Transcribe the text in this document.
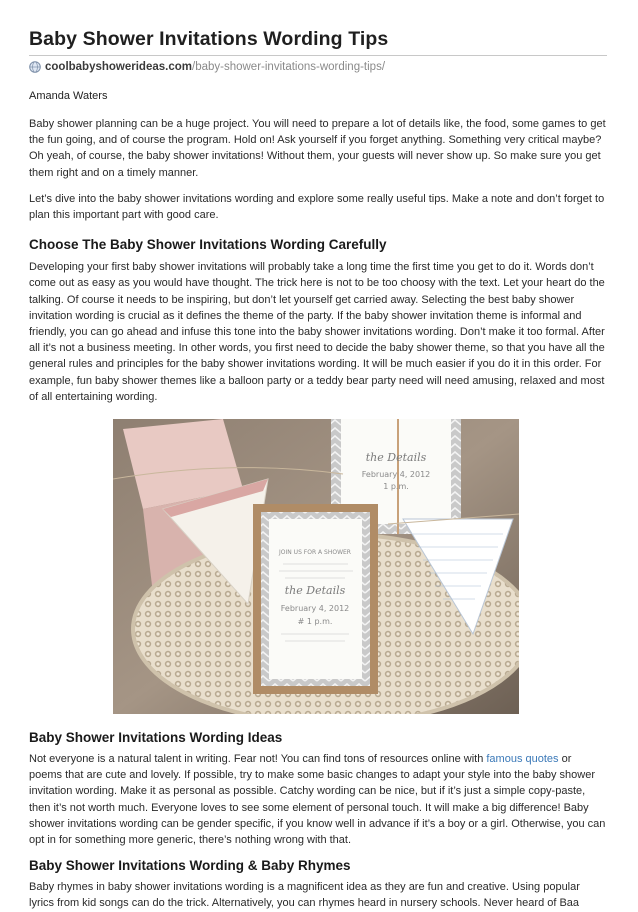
Baby Shower Invitations Wording Tips
coolbabyshowerideas.com /baby-shower-invitations-wording-tips/
Amanda Waters

Baby shower planning can be a huge project. You will need to prepare a lot of details like, the food, some games to get the fun going, and of course the program. Hold on! Ask yourself if you forget anything. Something very critical maybe? Oh yeah, of course, the baby shower invitations! Without them, your guests will never show up. So make sure you get them right and on a timely manner.

Let’s dive into the baby shower invitations wording and explore some really useful tips. Make a note and don’t forget to plan this important part with good care.

Choose The Baby Shower Invitations Wording Carefully

Developing your first baby shower invitations will probably take a long time the first time you get to do it. Words don’t come out as easy as you would have thought. The trick here is not to be too choosy with the text. Let your heart do the talking. Of course it needs to be inspiring, but don’t let yourself get carried away. Selecting the best baby shower invitation wording is crucial as it defines the theme of the party. If the baby shower invitation theme is informal and friendly, you can go ahead and infuse this tone into the baby shower invitations wording. Don’t make it too formal. After all it’s not a business meeting. In other words, you first need to decide the baby shower theme, so that you have all the general rules and principles for the baby shower invitations wording. It will be much easier if you do it in this order. For example, fun baby shower themes like a balloon party or a teddy bear party need will need amusing, relaxed and most of all entertaining wording.

the Details
February 4, 2012
1 p.m.
JOIN US FOR A SHOWER
the Details
February 4, 2012
# 1 p.m.
Baby Shower Invitations Wording Ideas

Not everyone is a natural talent in writing. Fear not! You can find tons of resources online with famous quotes or poems that are cute and lovely. If possible, try to make some basic changes to adapt your style into the baby shower invitation wording. Make it as personal as possible. Catchy wording can be nice, but if it’s just a simple copy-paste, then it’s not worth much. Everyone loves to see some element of personal touch. It will make a big difference! Baby shower invitations wording can be gender specific, if you know well in advance if it’s a boy or a girl. Otherwise, you can opt in for something more generic, there’s nothing wrong with that.

Baby Shower Invitations Wording & Baby Rhymes

Baby rhymes in baby shower invitations wording is a magnificent idea as they are fun and creative. Using popular lyrics from kid songs can do the trick. Alternatively, you can rhymes heard in nursery schools. Never heard of Baa
